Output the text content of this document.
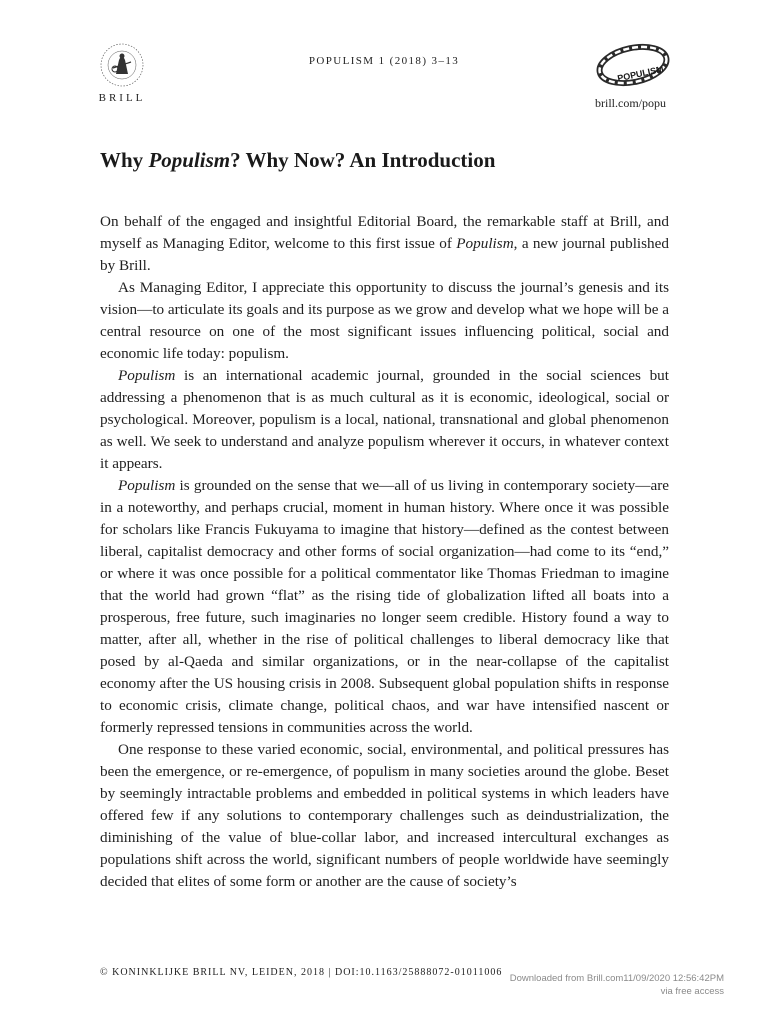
BRILL
POPULISM 1 (2018) 3–13
POPULISM
brill.com/popu
Why Populism? Why Now? An Introduction

On behalf of the engaged and insightful Editorial Board, the remarkable staff at Brill, and myself as Managing Editor, welcome to this first issue of Populism, a new journal published by Brill.

As Managing Editor, I appreciate this opportunity to discuss the journal’s genesis and its vision—to articulate its goals and its purpose as we grow and develop what we hope will be a central resource on one of the most significant issues influencing political, social and economic life today: populism.

Populism is an international academic journal, grounded in the social sciences but addressing a phenomenon that is as much cultural as it is economic, ideological, social or psychological. Moreover, populism is a local, national, transnational and global phenomenon as well. We seek to understand and analyze populism wherever it occurs, in whatever context it appears.

Populism is grounded on the sense that we—all of us living in contemporary society—are in a noteworthy, and perhaps crucial, moment in human history. Where once it was possible for scholars like Francis Fukuyama to imagine that history—defined as the contest between liberal, capitalist democracy and other forms of social organization—had come to its “end,” or where it was once possible for a political commentator like Thomas Friedman to imagine that the world had grown “flat” as the rising tide of globalization lifted all boats into a prosperous, free future, such imaginaries no longer seem credible. History found a way to matter, after all, whether in the rise of political challenges to liberal democracy like that posed by al-Qaeda and similar organizations, or in the near-collapse of the capitalist economy after the US housing crisis in 2008. Subsequent global population shifts in response to economic crisis, climate change, political chaos, and war have intensified nascent or formerly repressed tensions in communities across the world.

One response to these varied economic, social, environmental, and political pressures has been the emergence, or re-emergence, of populism in many societies around the globe. Beset by seemingly intractable problems and embedded in political systems in which leaders have offered few if any solutions to contemporary challenges such as deindustrialization, the diminishing of the value of blue-collar labor, and increased intercultural exchanges as populations shift across the world, significant numbers of people worldwide have seemingly decided that elites of some form or another are the cause of society’s

© KONINKLIJKE BRILL NV, LEIDEN, 2018 | DOI:10.1163/25888072-01011006
Downloaded from Brill.com11/09/2020 12:56:42PM
via free access
